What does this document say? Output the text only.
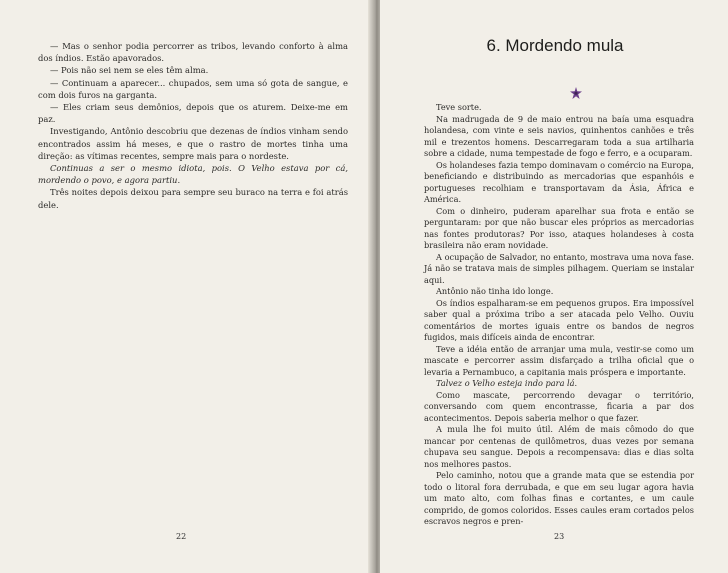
— Mas o senhor podia percorrer as tribos, levando conforto à alma dos índios. Estão apavorados.

— Pois não sei nem se eles têm alma.

— Continuam a aparecer... chupados, sem uma só gota de sangue, e com dois furos na garganta.

— Eles criam seus demônios, depois que os aturem. Deixe-me em paz.

Investigando, Antônio descobriu que dezenas de índios vinham sendo encontrados assim há meses, e que o rastro de mortes tinha uma direção: as vítimas recentes, sempre mais para o nordeste.

Continuas a ser o mesmo idiota, pois. O Velho estava por cá, mordendo o povo, e agora partiu.

Três noites depois deixou para sempre seu buraco na terra e foi atrás dele.

22

6. Mordendo mula

Teve sorte.

Na madrugada de 9 de maio entrou na baía uma esquadra holandesa, com vinte e seis navios, quinhentos canhões e três mil e trezentos homens. Descarregaram toda a sua artilharia sobre a cidade, numa tempestade de fogo e ferro, e a ocuparam.

Os holandeses fazia tempo dominavam o comércio na Europa, beneficiando e distribuindo as mercadorias que espanhóis e portugueses recolhiam e transportavam da Ásia, África e América.

Com o dinheiro, puderam aparelhar sua frota e então se perguntaram: por que não buscar eles próprios as mercadorias nas fontes produtoras? Por isso, ataques holandeses à costa brasileira não eram novidade.

A ocupação de Salvador, no entanto, mostrava uma nova fase. Já não se tratava mais de simples pilhagem. Queriam se instalar aqui.

Antônio não tinha ido longe.

Os índios espalharam-se em pequenos grupos. Era impossível saber qual a próxima tribo a ser atacada pelo Velho. Ouviu comentários de mortes iguais entre os bandos de negros fugidos, mais difíceis ainda de encontrar.

Teve a idéia então de arranjar uma mula, vestir-se como um mascate e percorrer assim disfarçado a trilha oficial que o levaria a Pernambuco, a capitania mais próspera e importante.

Talvez o Velho esteja indo para lá.

Como mascate, percorrendo devagar o território, conversando com quem encontrasse, ficaria a par dos acontecimentos. Depois saberia melhor o que fazer.

A mula lhe foi muito útil. Além de mais cômodo do que mancar por centenas de quilômetros, duas vezes por semana chupava seu sangue. Depois a recompensava: dias e dias solta nos melhores pastos.

Pelo caminho, notou que a grande mata que se estendia por todo o litoral fora derrubada, e que em seu lugar agora havia um mato alto, com folhas finas e cortantes, e um caule comprido, de gomos coloridos. Esses caules eram cortados pelos escravos negros e pren-

23
